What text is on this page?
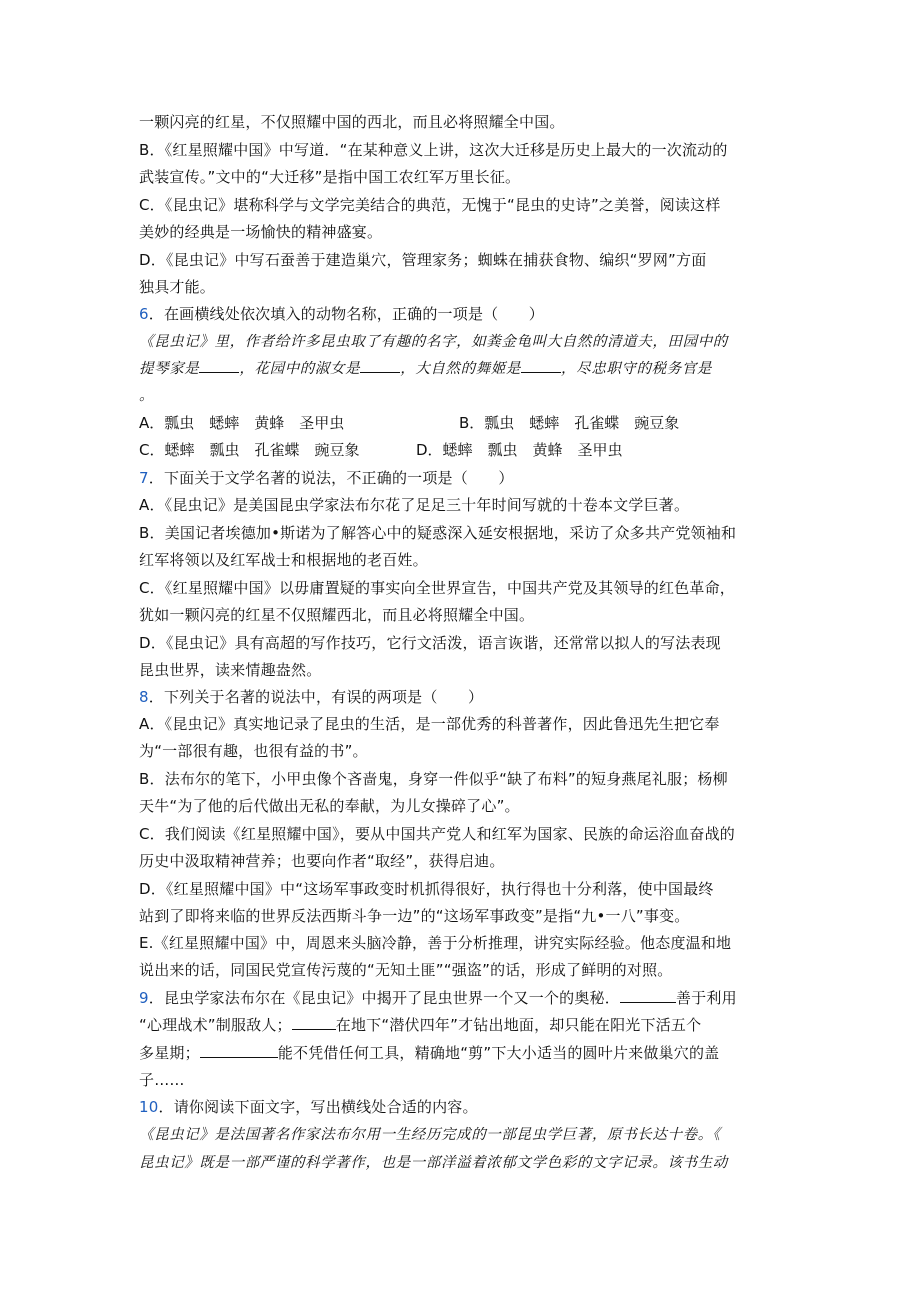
一颗闪亮的红星，不仅照耀中国的西北，而且必将照耀全中国。
B．《红星照耀中国》中写道．“在某种意义上讲，这次大迁移是历史上最大的一次流动的
武装宣传。”文中的“大迁移”是指中国工农红军万里长征。
C．《昆虫记》堪称科学与文学完美结合的典范，无愧于“昆虫的史诗”之美誉，阅读这样
美妙的经典是一场愉快的精神盛宴。
D．《昆虫记》中写石蚕善于建造巢穴，管理家务；蜘蛛在捕获食物、编织“罗网”方面
独具才能。
6．在画横线处依次填入的动物名称，正确的一项是（　　）
《昆虫记》里，作者给许多昆虫取了有趣的名字，如粪金龟叫大自然的清道夫，田园中的
提琴家是	，花园中的淑女是	，大自然的舞姬是	，尽忠职守的税务官是
。
A．瓢虫　蟋蟀　黄蜂　圣甲虫	B．瓢虫　蟋蟀　孔雀蝶　豌豆象
C．蟋蟀　瓢虫　孔雀蝶　豌豆象	D．蟋蟀　瓢虫　黄蜂　圣甲虫
7．下面关于文学名著的说法，不正确的一项是（　　）
A．《昆虫记》是美国昆虫学家法布尔花了足足三十年时间写就的十卷本文学巨著。
B．美国记者埃德加•斯诺为了解答心中的疑惑深入延安根据地，采访了众多共产党领袖和
红军将领以及红军战士和根据地的老百姓。
C．《红星照耀中国》以毋庸置疑的事实向全世界宣告，中国共产党及其领导的红色革命，
犹如一颗闪亮的红星不仅照耀西北，而且必将照耀全中国。
D．《昆虫记》具有高超的写作技巧，它行文活泼，语言诙谐，还常常以拟人的写法表现
昆虫世界，读来情趣盎然。
8．下列关于名著的说法中，有误的两项是（　　）
A．《昆虫记》真实地记录了昆虫的生活，是一部优秀的科普著作，因此鲁迅先生把它奉
为“一部很有趣，也很有益的书”。
B．法布尔的笔下，小甲虫像个吝啬鬼，身穿一件似乎“缺了布料”的短身燕尾礼服；杨柳
天牛“为了他的后代做出无私的奉献，为儿女操碎了心”。
C．我们阅读《红星照耀中国》，要从中国共产党人和红军为国家、民族的命运浴血奋战的
历史中汲取精神营养；也要向作者“取经”，获得启迪。
D．《红星照耀中国》中“这场军事政变时机抓得很好，执行得也十分利落，使中国最终
站到了即将来临的世界反法西斯斗争一边”的“这场军事政变”是指“九•一八”事变。
E.《红星照耀中国》中，周恩来头脑冷静，善于分析推理，讲究实际经验。他态度温和地
说出来的话，同国民党宣传污蔑的“无知土匪”“强盗”的话，形成了鲜明的对照。
9．昆虫学家法布尔在《昆虫记》中揭开了昆虫世界一个又一个的奥秘．	善于利用
“心理战术”制服敌人；	在地下“潜伏四年”才钻出地面，却只能在阳光下活五个
多星期；	能不凭借任何工具，精确地“剪”下大小适当的圆叶片来做巢穴的盖
子……
10．请你阅读下面文字，写出横线处合适的内容。
《昆虫记》是法国著名作家法布尔用一生经历完成的一部昆虫学巨著，原书长达十卷。《
昆虫记》既是一部严谨的科学著作，也是一部洋溢着浓郁文学色彩的文字记录。该书生动
